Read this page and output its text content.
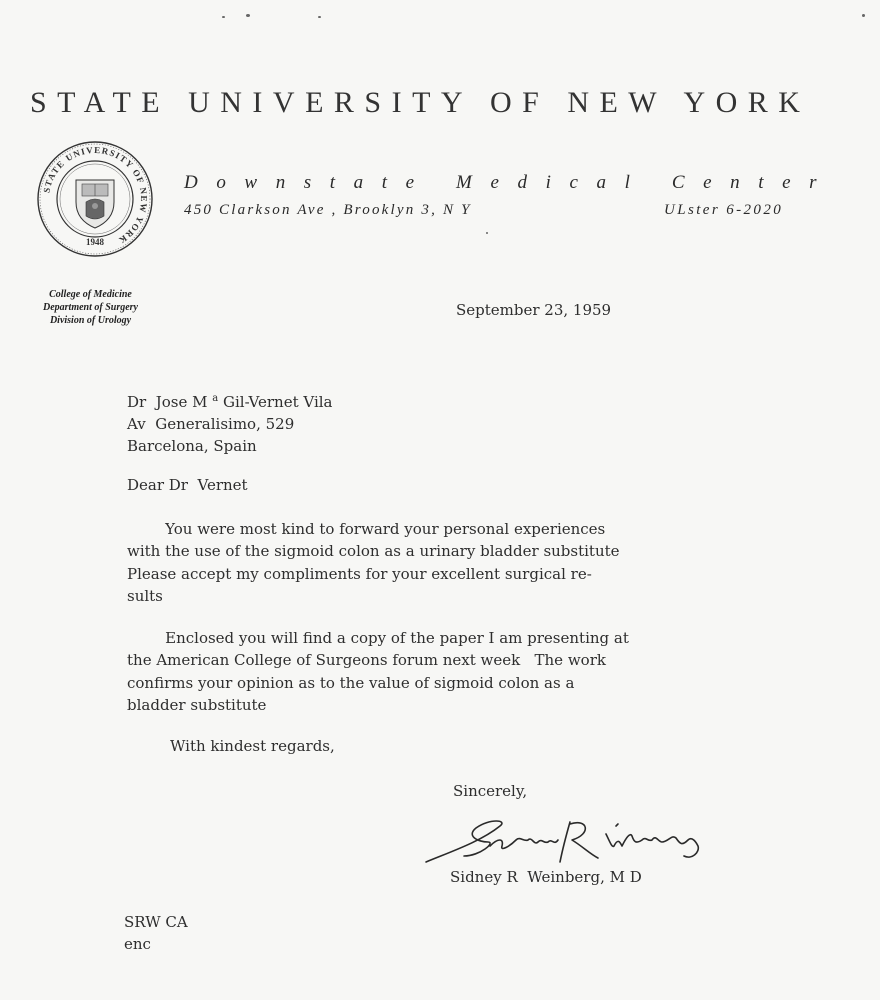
STATE UNIVERSITY OF NEW YORK
STATE UNIVERSITY OF NEW YORK
1948
College of Medicine
Department of Surgery
Division of Urology
Downstate Medical Center
450 Clarkson Ave , Brooklyn 3, N Y	ULster 6-2020
September 23, 1959
Dr  Jose M $^a$ Gil-Vernet Vila
Av  Generalisimo, 529
Barcelona, Spain
Dear Dr  Vernet
You were most kind to forward your personal experiences
with the use of the sigmoid colon as a urinary bladder substitute
Please accept my compliments for your excellent surgical re-
sults
Enclosed you will find a copy of the paper I am presenting at
the American College of Surgeons forum next week   The work
confirms your opinion as to the value of sigmoid colon as a
bladder substitute
With kindest regards,
Sincerely,
Sidney R  Weinberg, M D
SRW CA
enc
